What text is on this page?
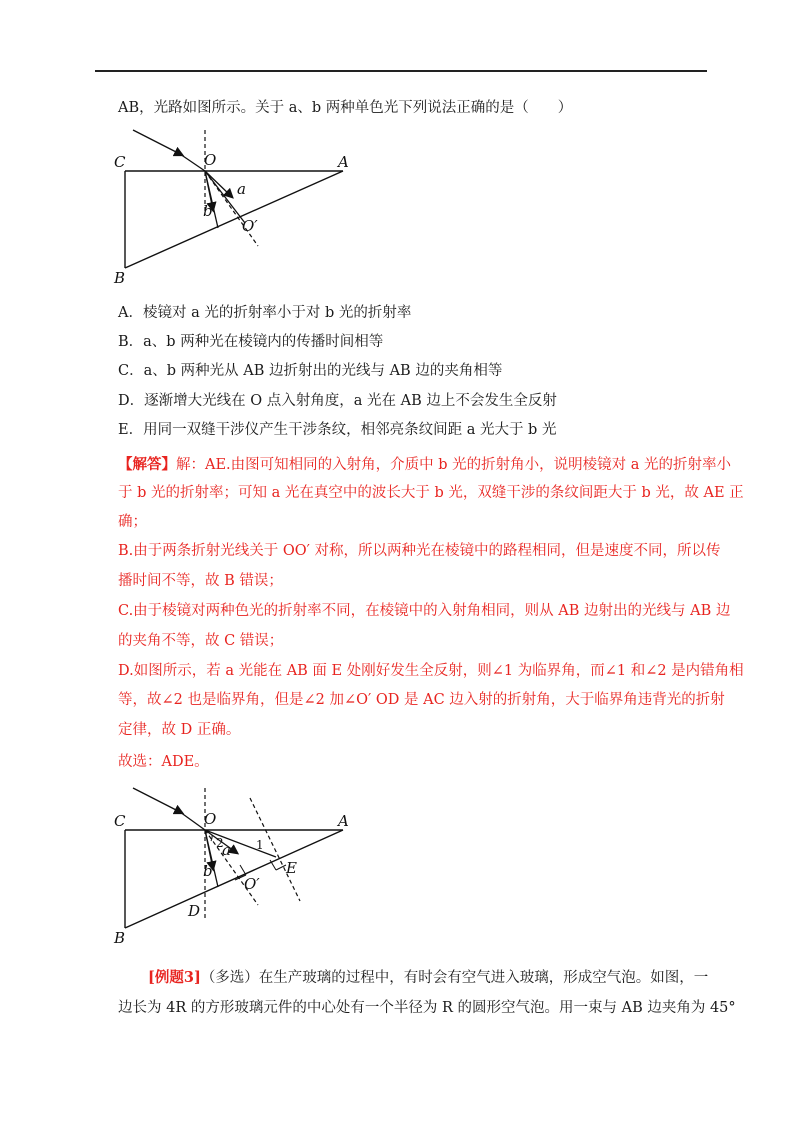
AB，光路如图所示。关于 a、b 两种单色光下列说法正确的是（　　）
C	O	A
B
a
b
O′
A．棱镜对 a 光的折射率小于对 b 光的折射率
B．a、b 两种光在棱镜内的传播时间相等
C．a、b 两种光从 AB 边折射出的光线与 AB 边的夹角相等
D．逐渐增大光线在 O 点入射角度，a 光在 AB 边上不会发生全反射
E．用同一双缝干涉仪产生干涉条纹，相邻亮条纹间距 a 光大于 b 光
【解答】解：AE.由图可知相同的入射角，介质中 b 光的折射角小，说明棱镜对 a 光的折射率小
于 b 光的折射率；可知 a 光在真空中的波长大于 b 光，双缝干涉的条纹间距大于 b 光，故 AE 正
确；
B.由于两条折射光线关于 OO′ 对称，所以两种光在棱镜中的路程相同，但是速度不同，所以传
播时间不等，故 B 错误；
C.由于棱镜对两种色光的折射率不同，在棱镜中的入射角相同，则从 AB 边射出的光线与 AB 边
的夹角不等，故 C 错误；
D.如图所示，若 a 光能在 AB 面 E 处刚好发生全反射，则∠1 为临界角，而∠1 和∠2 是内错角相
等，故∠2 也是临界角，但是∠2 加∠O′ OD 是 AC 边入射的折射角，大于临界角违背光的折射
定律，故 D 正确。
故选：ADE。
C	O	A
B
a
b
O′
D
E
1
2
[例题3]（多选）在生产玻璃的过程中，有时会有空气进入玻璃，形成空气泡。如图，一
边长为 4R 的方形玻璃元件的中心处有一个半径为 R 的圆形空气泡。用一束与 AB 边夹角为 45°
